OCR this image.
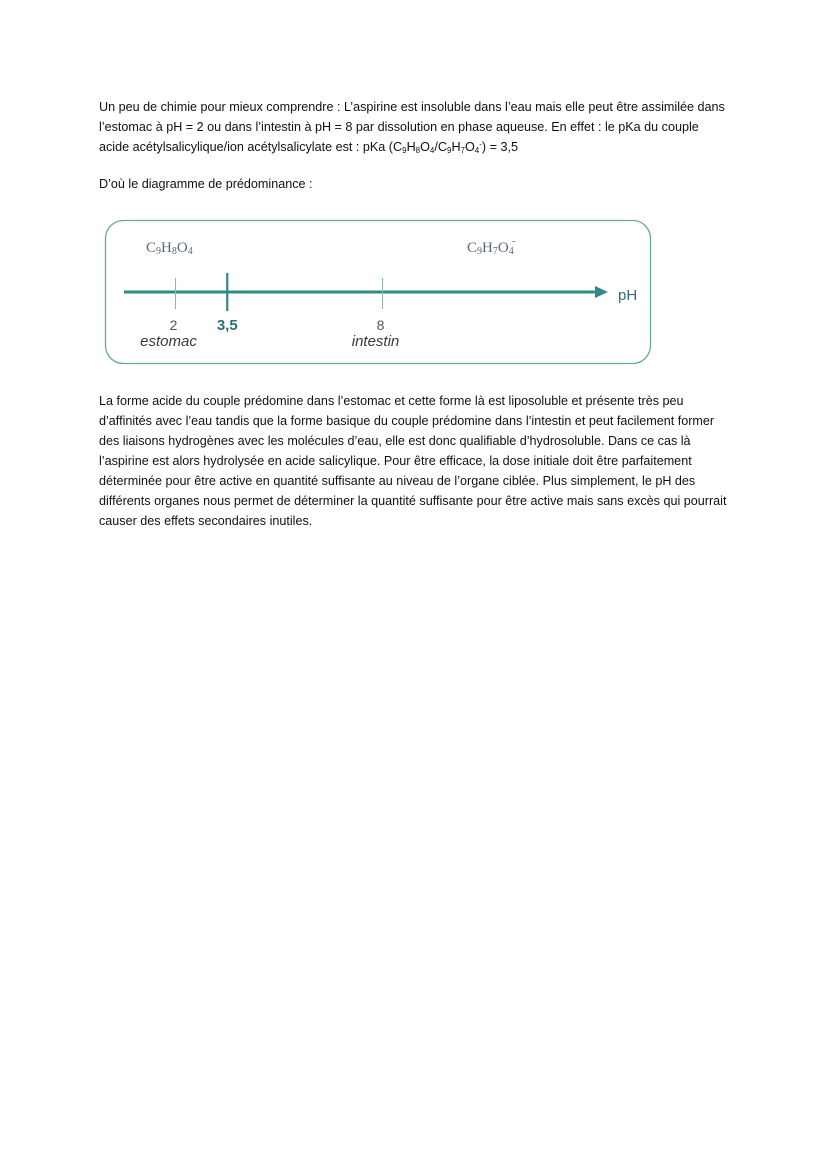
Un peu de chimie pour mieux comprendre : L’aspirine est insoluble dans l’eau mais elle peut être assimilée dans l’estomac à pH = 2 ou dans l’intestin à pH = 8 par dissolution en phase aqueuse. En effet : le pKa du couple acide acétylsalicylique/ion acétylsalicylate est : pKa $(C_9H_8O_4/C_9H_7O_4^-) = 3,5$

D’où le diagramme de prédominance :

C9H8O4	C9H7O4
-
pH
2
estomac
3,5	8
intestin

La forme acide du couple prédomine dans l’estomac et cette forme là est liposoluble et présente très peu d’affinités avec l’eau tandis que la forme basique du couple prédomine dans l’intestin et peut facilement former des liaisons hydrogènes avec les molécules d’eau, elle est donc qualifiable d’hydrosoluble. Dans ce cas là l’aspirine est alors hydrolysée en acide salicylique. Pour être efficace, la dose initiale doit être parfaitement déterminée pour être active en quantité suffisante au niveau de l’organe ciblée. Plus simplement, le pH des différents organes nous permet de déterminer la quantité suffisante pour être active mais sans excès qui pourrait causer des effets secondaires inutiles.
